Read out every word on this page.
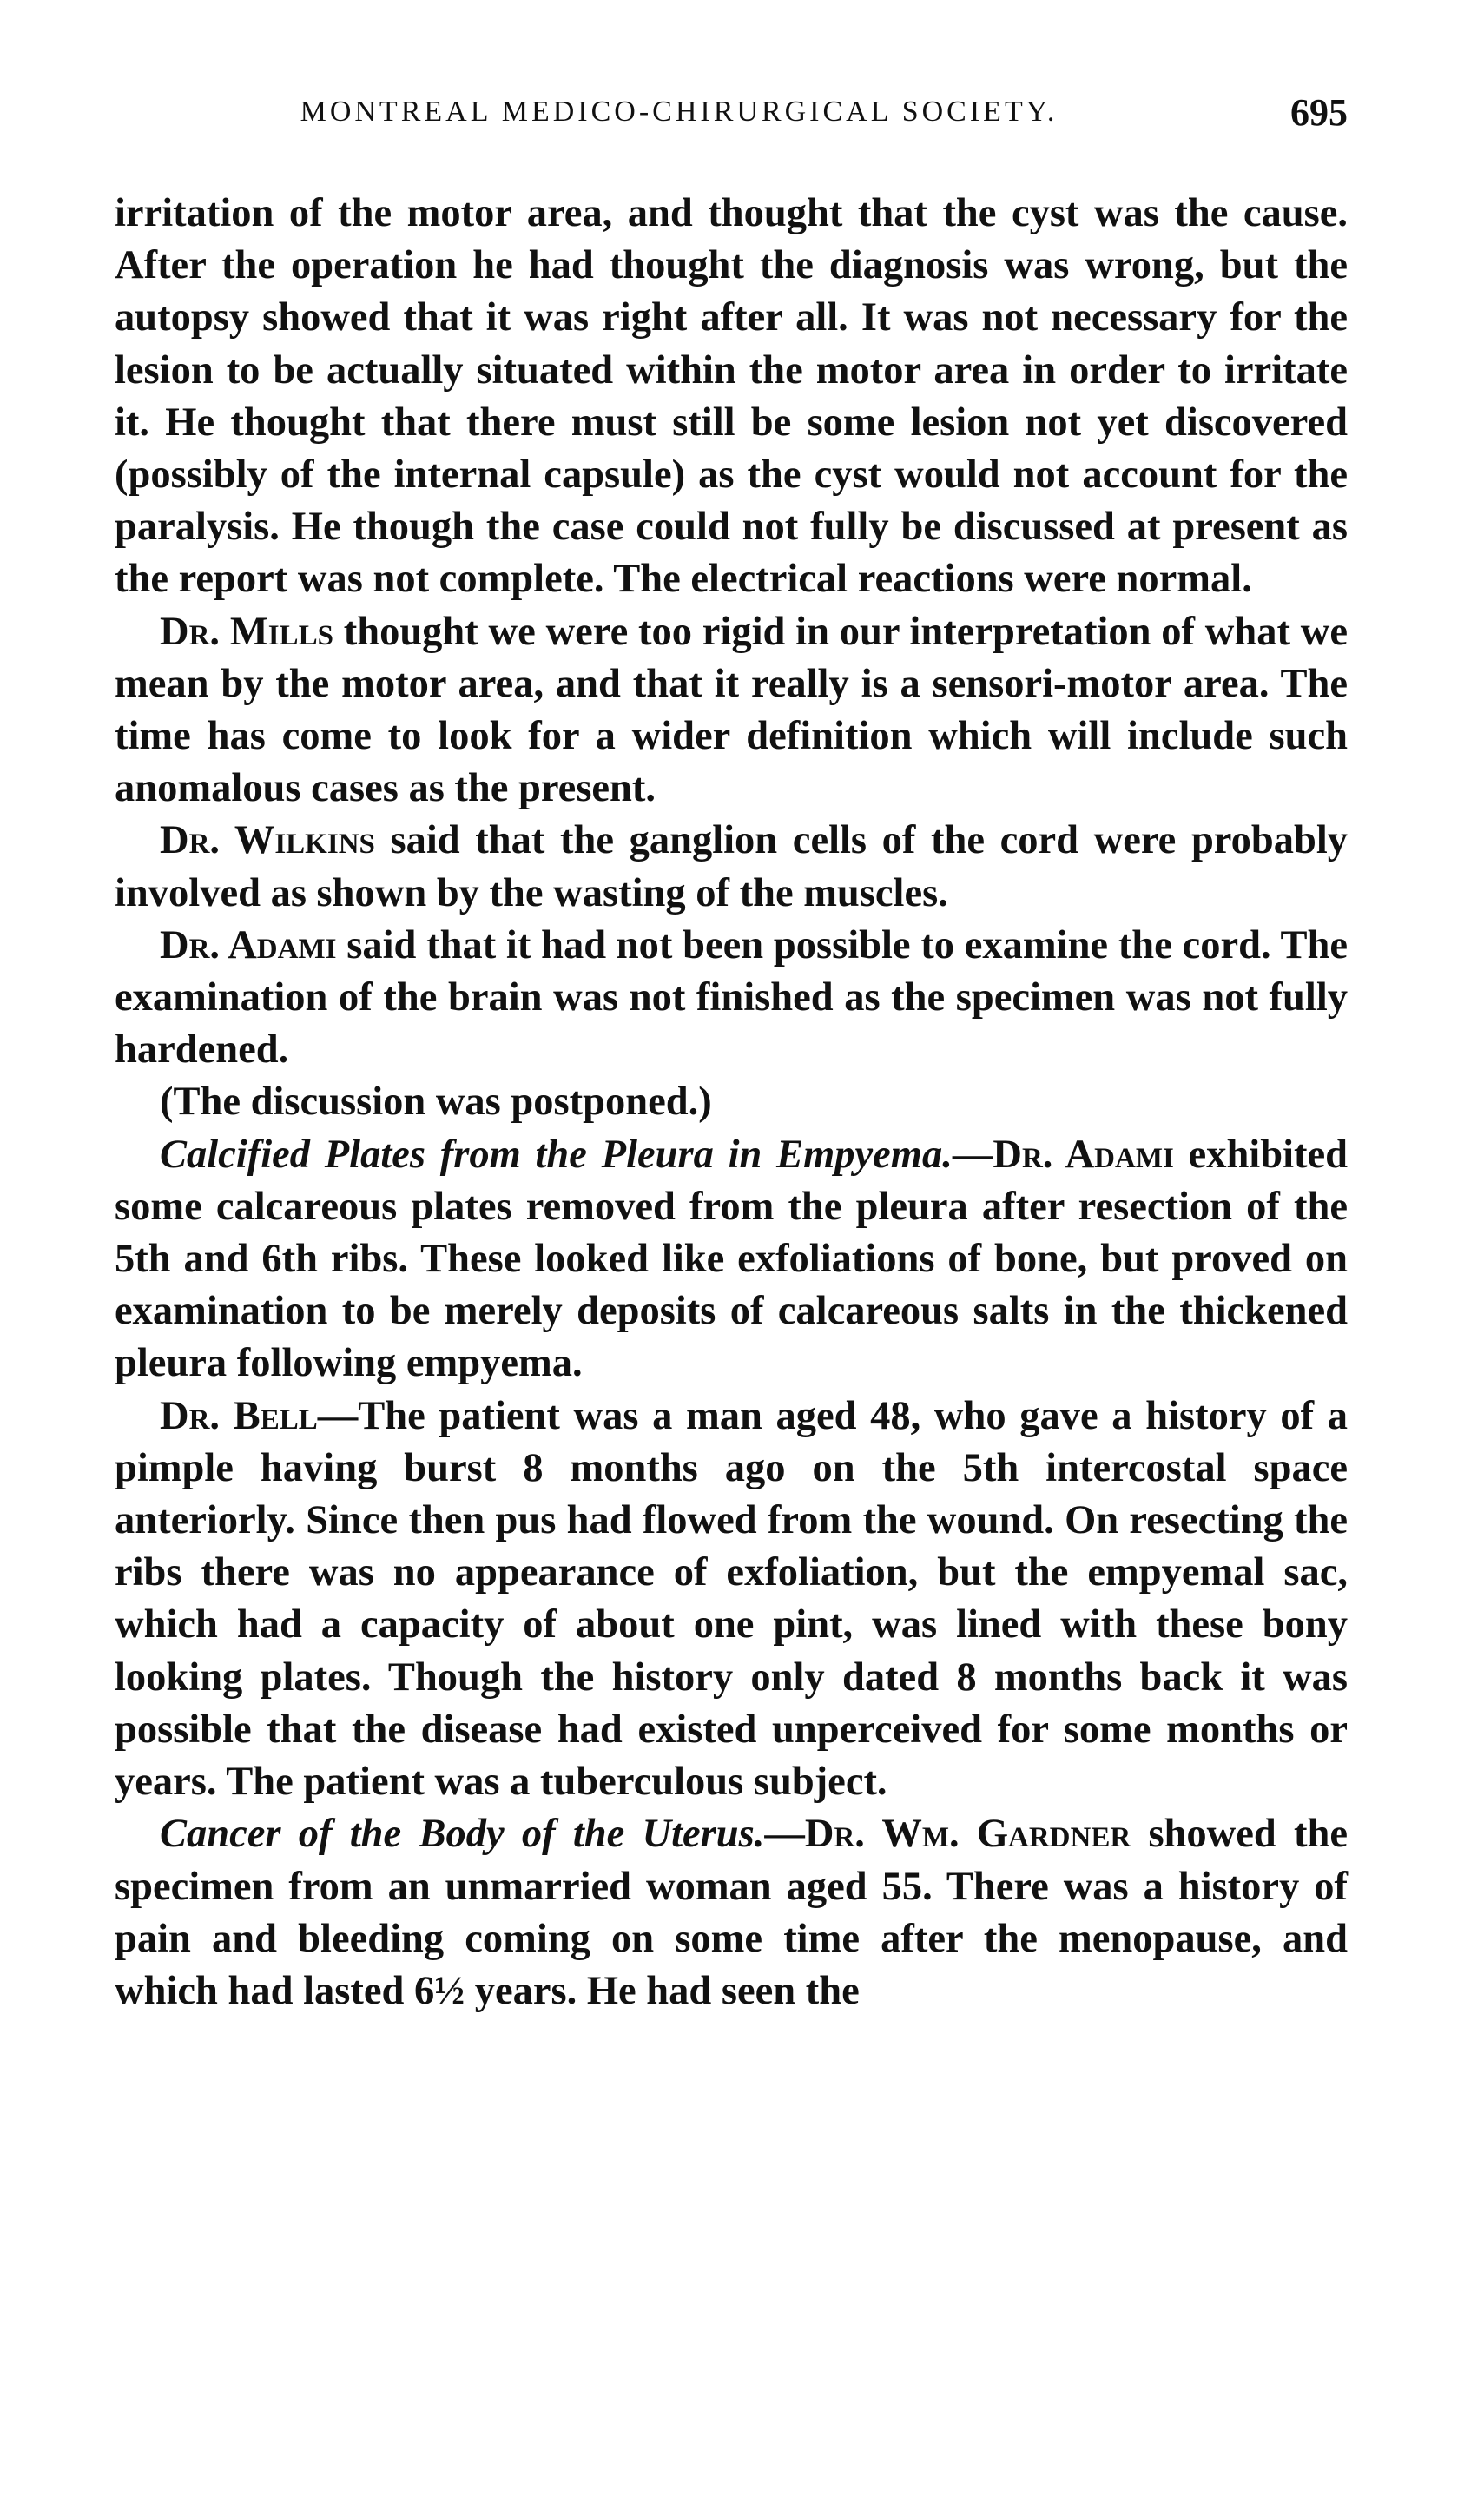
MONTREAL MEDICO-CHIRURGICAL SOCIETY.	695

irritation of the motor area, and thought that the cyst was the cause. After the operation he had thought the diagnosis was wrong, but the autopsy showed that it was right after all. It was not necessary for the lesion to be actually situated within the motor area in order to irritate it. He thought that there must still be some lesion not yet discovered (possibly of the internal capsule) as the cyst would not account for the paralysis. He though the case could not fully be discussed at present as the report was not complete. The electrical reactions were normal.

Dr. Mills thought we were too rigid in our interpretation of what we mean by the motor area, and that it really is a sensori-motor area. The time has come to look for a wider definition which will include such anomalous cases as the present.

Dr. Wilkins said that the ganglion cells of the cord were probably involved as shown by the wasting of the muscles.

Dr. Adami said that it had not been possible to examine the cord. The examination of the brain was not finished as the specimen was not fully hardened.

(The discussion was postponed.)

Calcified Plates from the Pleura in Empyema.—Dr. Adami exhibited some calcareous plates removed from the pleura after resection of the 5th and 6th ribs. These looked like exfoliations of bone, but proved on examination to be merely deposits of calcareous salts in the thickened pleura following empyema.

Dr. Bell—The patient was a man aged 48, who gave a history of a pimple having burst 8 months ago on the 5th intercostal space anteriorly. Since then pus had flowed from the wound. On resecting the ribs there was no appearance of exfoliation, but the empyemal sac, which had a capacity of about one pint, was lined with these bony looking plates. Though the history only dated 8 months back it was possible that the disease had existed unperceived for some months or years. The patient was a tuberculous subject.

Cancer of the Body of the Uterus.—Dr. Wm. Gardner showed the specimen from an unmarried woman aged 55. There was a history of pain and bleeding coming on some time after the menopause, and which had lasted 6½ years. He had seen the
